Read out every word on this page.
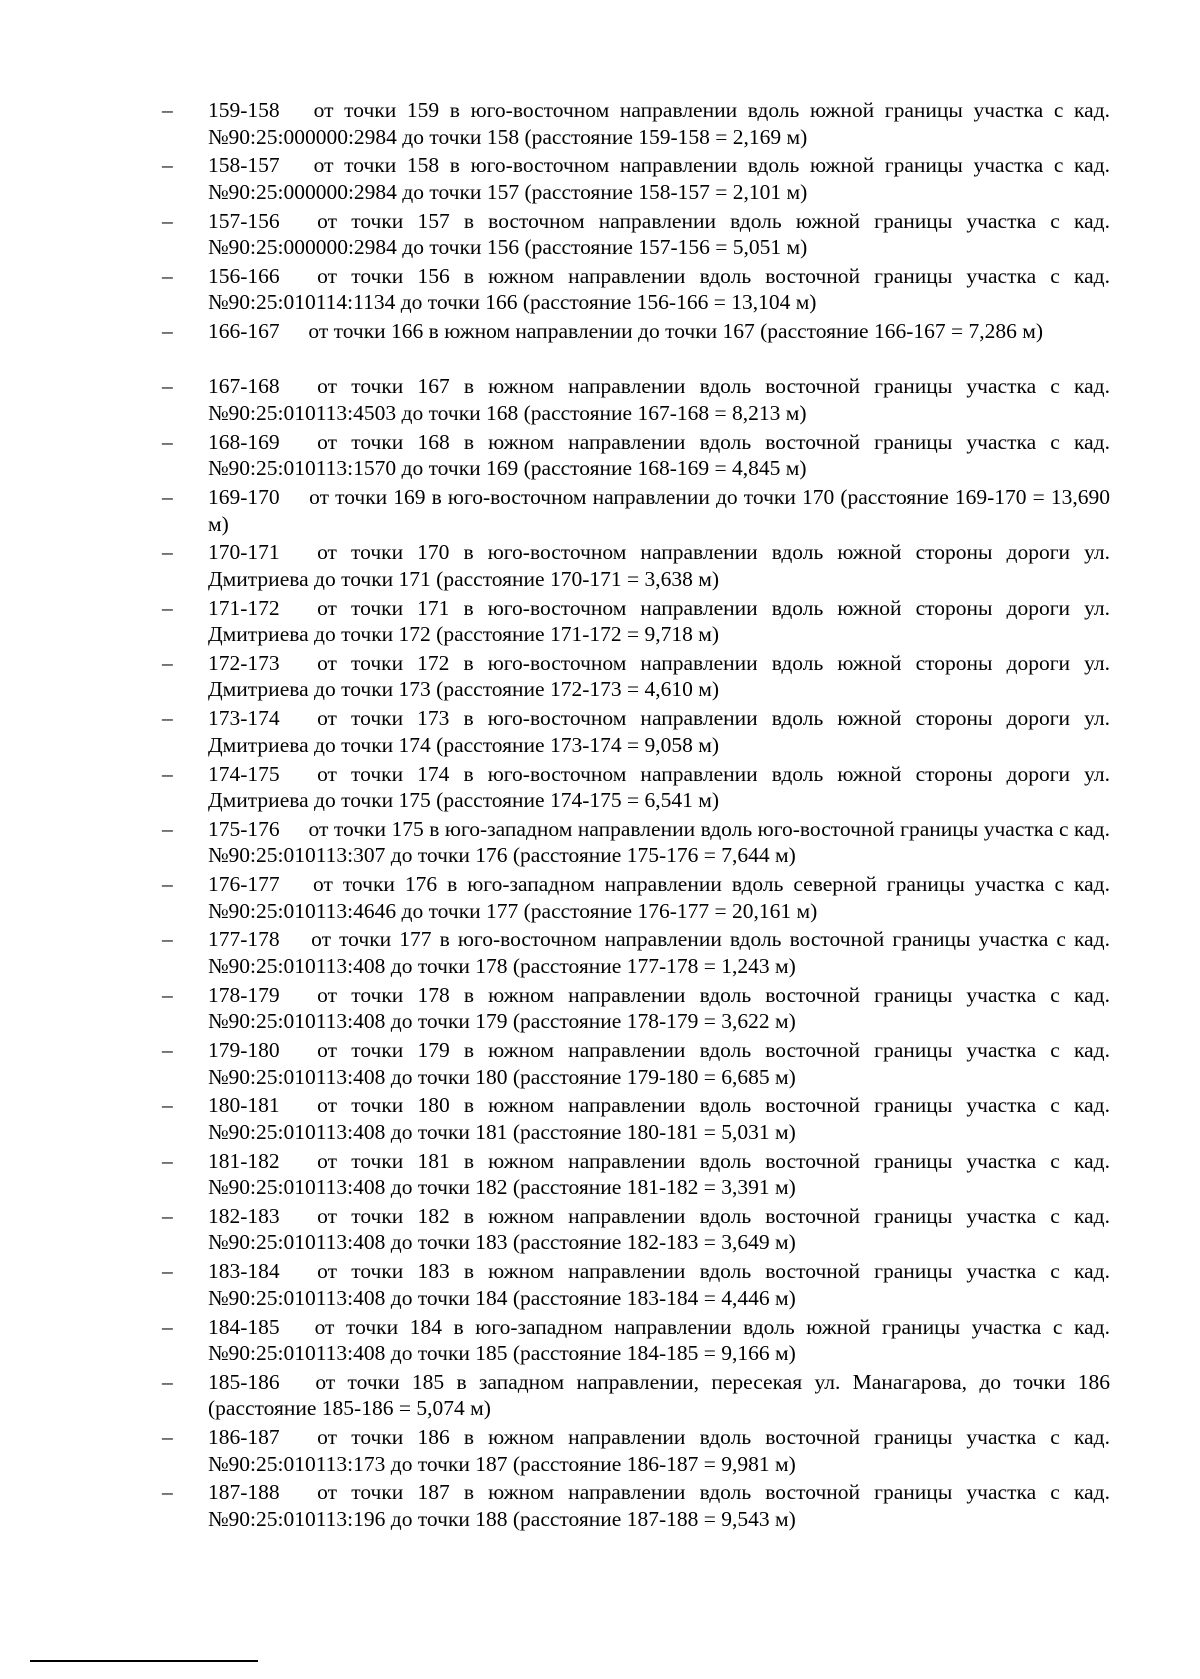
–	159-158 от точки 159 в юго-восточном направлении вдоль южной границы участка с кад. №90:25:000000:2984 до точки 158 (расстояние 159-158 = 2,169 м)
–	158-157 от точки 158 в юго-восточном направлении вдоль южной границы участка с кад. №90:25:000000:2984 до точки 157 (расстояние 158-157 = 2,101 м)
–	157-156 от точки 157 в восточном направлении вдоль южной границы участка с кад. №90:25:000000:2984 до точки 156 (расстояние 157-156 = 5,051 м)
–	156-166 от точки 156 в южном направлении вдоль восточной границы участка с кад. №90:25:010114:1134 до точки 166 (расстояние 156-166 = 13,104 м)
–	166-167 от точки 166 в южном направлении до точки 167 (расстояние 166-167 = 7,286 м)
–	167-168 от точки 167 в южном направлении вдоль восточной границы участка с кад. №90:25:010113:4503 до точки 168 (расстояние 167-168 = 8,213 м)
–	168-169 от точки 168 в южном направлении вдоль восточной границы участка с кад. №90:25:010113:1570 до точки 169 (расстояние 168-169 = 4,845 м)
–	169-170 от точки 169 в юго-восточном направлении до точки 170 (расстояние 169-170 = 13,690 м)
–	170-171 от точки 170 в юго-восточном направлении вдоль южной стороны дороги ул. Дмитриева до точки 171 (расстояние 170-171 = 3,638 м)
–	171-172 от точки 171 в юго-восточном направлении вдоль южной стороны дороги ул. Дмитриева до точки 172 (расстояние 171-172 = 9,718 м)
–	172-173 от точки 172 в юго-восточном направлении вдоль южной стороны дороги ул. Дмитриева до точки 173 (расстояние 172-173 = 4,610 м)
–	173-174 от точки 173 в юго-восточном направлении вдоль южной стороны дороги ул. Дмитриева до точки 174 (расстояние 173-174 = 9,058 м)
–	174-175 от точки 174 в юго-восточном направлении вдоль южной стороны дороги ул. Дмитриева до точки 175 (расстояние 174-175 = 6,541 м)
–	175-176 от точки 175 в юго-западном направлении вдоль юго-восточной границы участка с кад. №90:25:010113:307 до точки 176 (расстояние 175-176 = 7,644 м)
–	176-177 от точки 176 в юго-западном направлении вдоль северной границы участка с кад. №90:25:010113:4646 до точки 177 (расстояние 176-177 = 20,161 м)
–	177-178 от точки 177 в юго-восточном направлении вдоль восточной границы участка с кад. №90:25:010113:408 до точки 178 (расстояние 177-178 = 1,243 м)
–	178-179 от точки 178 в южном направлении вдоль восточной границы участка с кад. №90:25:010113:408 до точки 179 (расстояние 178-179 = 3,622 м)
–	179-180 от точки 179 в южном направлении вдоль восточной границы участка с кад. №90:25:010113:408 до точки 180 (расстояние 179-180 = 6,685 м)
–	180-181 от точки 180 в южном направлении вдоль восточной границы участка с кад. №90:25:010113:408 до точки 181 (расстояние 180-181 = 5,031 м)
–	181-182 от точки 181 в южном направлении вдоль восточной границы участка с кад. №90:25:010113:408 до точки 182 (расстояние 181-182 = 3,391 м)
–	182-183 от точки 182 в южном направлении вдоль восточной границы участка с кад. №90:25:010113:408 до точки 183 (расстояние 182-183 = 3,649 м)
–	183-184 от точки 183 в южном направлении вдоль восточной границы участка с кад. №90:25:010113:408 до точки 184 (расстояние 183-184 = 4,446 м)
–	184-185 от точки 184 в юго-западном направлении вдоль южной границы участка с кад. №90:25:010113:408 до точки 185 (расстояние 184-185 = 9,166 м)
–	185-186 от точки 185 в западном направлении, пересекая ул. Манагарова, до точки 186 (расстояние 185-186 = 5,074 м)
–	186-187 от точки 186 в южном направлении вдоль восточной границы участка с кад. №90:25:010113:173 до точки 187 (расстояние 186-187 = 9,981 м)
–	187-188 от точки 187 в южном направлении вдоль восточной границы участка с кад. №90:25:010113:196 до точки 188 (расстояние 187-188 = 9,543 м)
